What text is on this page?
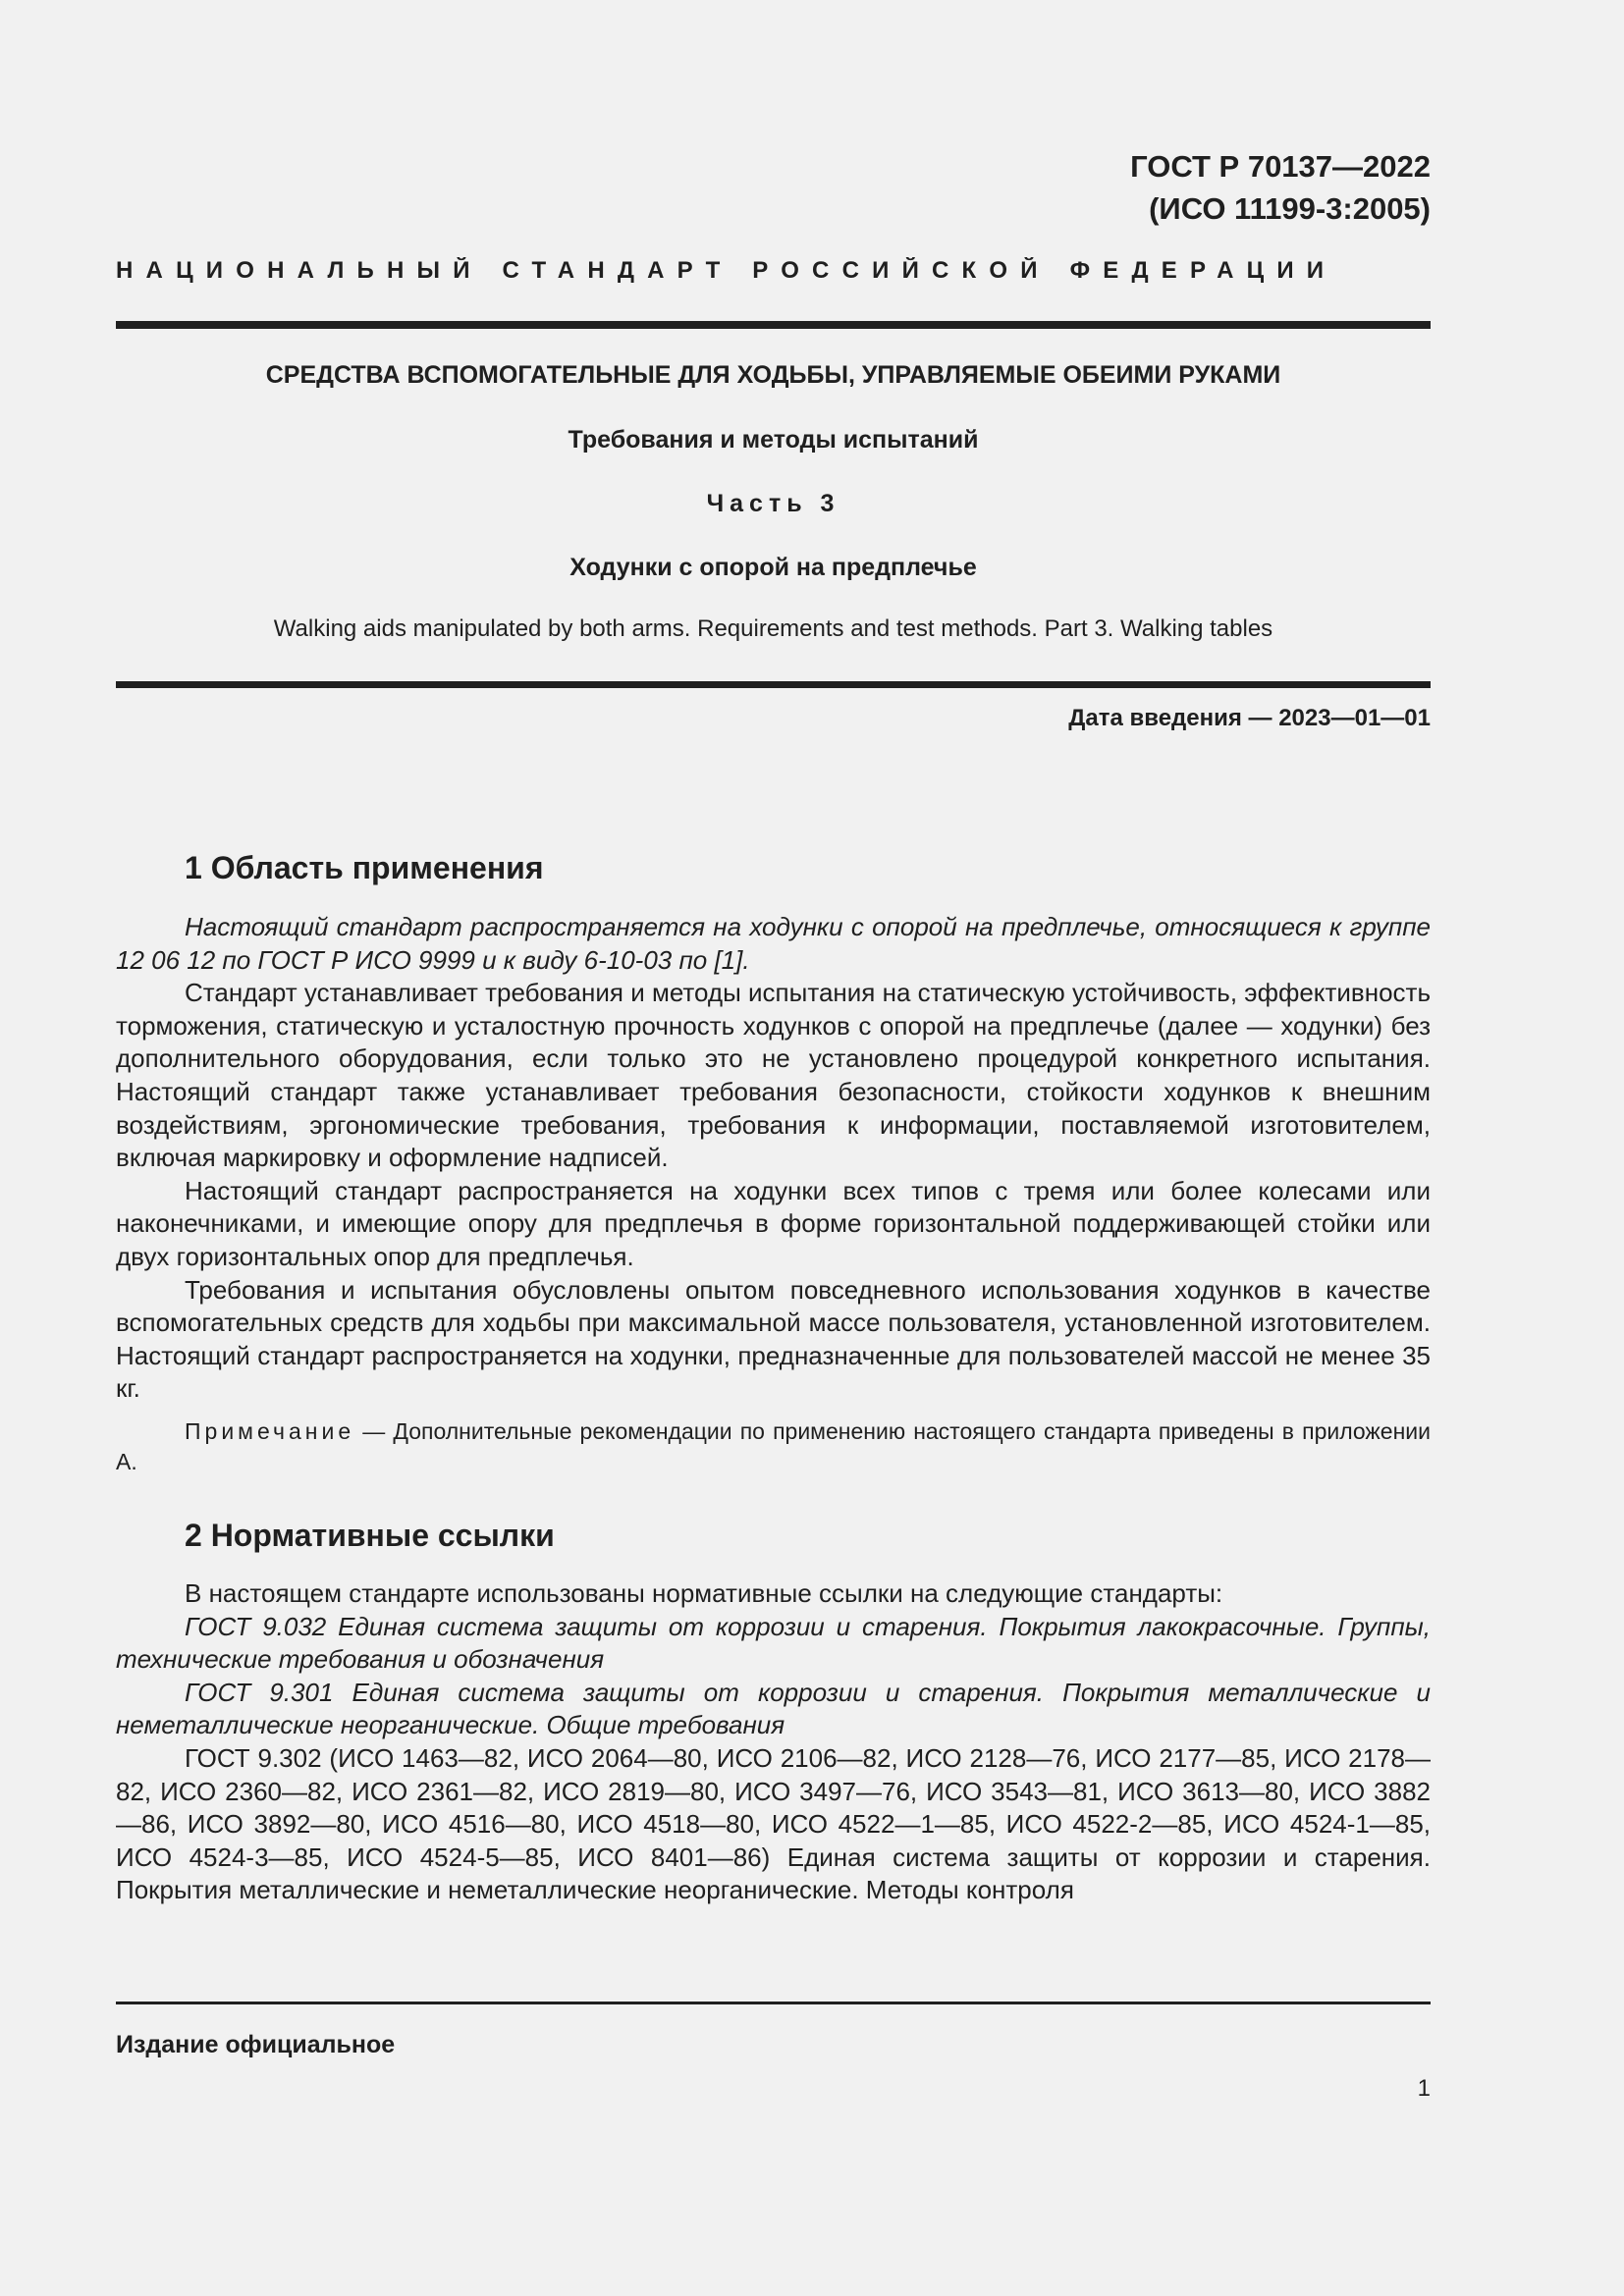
ГОСТ Р 70137—2022
(ИСО 11199-3:2005)
НАЦИОНАЛЬНЫЙ СТАНДАРТ РОССИЙСКОЙ ФЕДЕРАЦИИ
СРЕДСТВА ВСПОМОГАТЕЛЬНЫЕ ДЛЯ ХОДЬБЫ, УПРАВЛЯЕМЫЕ ОБЕИМИ РУКАМИ
Требования и методы испытаний
Часть 3
Ходунки с опорой на предплечье
Walking aids manipulated by both arms. Requirements and test methods. Part 3. Walking tables
Дата введения — 2023—01—01
1 Область применения

Настоящий стандарт распространяется на ходунки с опорой на предплечье, относящиеся к группе 12 06 12 по ГОСТ Р ИСО 9999 и к виду 6-10-03 по [1].

Стандарт устанавливает требования и методы испытания на статическую устойчивость, эффективность торможения, статическую и усталостную прочность ходунков с опорой на предплечье (далее — ходунки) без дополнительного оборудования, если только это не установлено процедурой конкретного испытания. Настоящий стандарт также устанавливает требования безопасности, стойкости ходунков к внешним воздействиям, эргономические требования, требования к информации, поставляемой изготовителем, включая маркировку и оформление надписей.

Настоящий стандарт распространяется на ходунки всех типов с тремя или более колесами или наконечниками, и имеющие опору для предплечья в форме горизонтальной поддерживающей стойки или двух горизонтальных опор для предплечья.

Требования и испытания обусловлены опытом повседневного использования ходунков в качестве вспомогательных средств для ходьбы при максимальной массе пользователя, установленной изготовителем. Настоящий стандарт распространяется на ходунки, предназначенные для пользователей массой не менее 35 кг.

Примечание — Дополнительные рекомендации по применению настоящего стандарта приведены в приложении А.

2 Нормативные ссылки

В настоящем стандарте использованы нормативные ссылки на следующие стандарты:

ГОСТ 9.032 Единая система защиты от коррозии и старения. Покрытия лакокрасочные. Группы, технические требования и обозначения

ГОСТ 9.301 Единая система защиты от коррозии и старения. Покрытия металлические и неметаллические неорганические. Общие требования

ГОСТ 9.302 (ИСО 1463—82, ИСО 2064—80, ИСО 2106—82, ИСО 2128—76, ИСО 2177—85, ИСО 2178—82, ИСО 2360—82, ИСО 2361—82, ИСО 2819—80, ИСО 3497—76, ИСО 3543—81, ИСО 3613—80, ИСО 3882—86, ИСО 3892—80, ИСО 4516—80, ИСО 4518—80, ИСО 4522—1—85, ИСО 4522-2—85, ИСО 4524-1—85, ИСО 4524-3—85, ИСО 4524-5—85, ИСО 8401—86) Единая система защиты от коррозии и старения. Покрытия металлические и неметаллические неорганические. Методы контроля

Издание официальное
1
